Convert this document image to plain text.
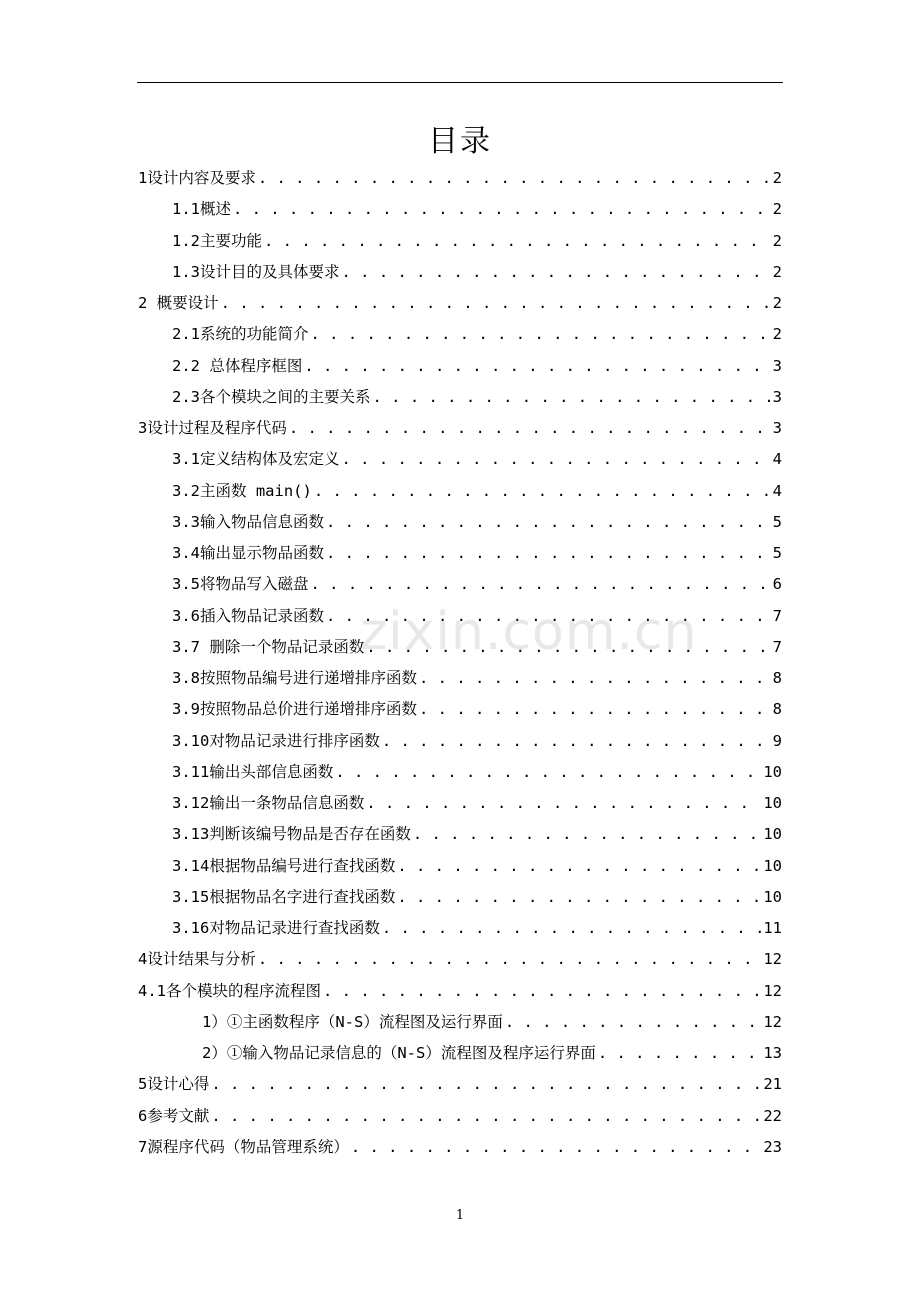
目录
1设计内容及要求 . . .	2
1.1概述 . . .	2
1.2主要功能 . . .	2
1.3设计目的及具体要求 . . .	2
2 概要设计 . . .	2
2.1系统的功能简介 . . .	2
2.2 总体程序框图 . . .	3
2.3各个模块之间的主要关系 . . .	3
3设计过程及程序代码 . . .	3
3.1定义结构体及宏定义 . . .	4
3.2主函数 main() . . .	4
3.3输入物品信息函数 . . .	5
3.4输出显示物品函数 . . .	5
3.5将物品写入磁盘 . . .	6
3.6插入物品记录函数 . . .	7
3.7 删除一个物品记录函数 . . .	7
3.8按照物品编号进行递增排序函数 . . .	8
3.9按照物品总价进行递增排序函数 . . .	8
3.10对物品记录进行排序函数 . . .	9
3.11输出头部信息函数 . . .	10
3.12输出一条物品信息函数 . . .	10
3.13判断该编号物品是否存在函数 . . .	10
3.14根据物品编号进行查找函数 . . .	10
3.15根据物品名字进行查找函数 . . .	10
3.16对物品记录进行查找函数 . . .	11
4设计结果与分析 . . .	12
4.1各个模块的程序流程图 . . .	12
1）①主函数程序（N-S）流程图及运行界面 . . .	12
2）①输入物品记录信息的（N-S）流程图及程序运行界面 . . .	13
5设计心得 . . .	21
6参考文献 . . .	22
7源程序代码（物品管理系统） . . .	23
zixin.com.cn
1
